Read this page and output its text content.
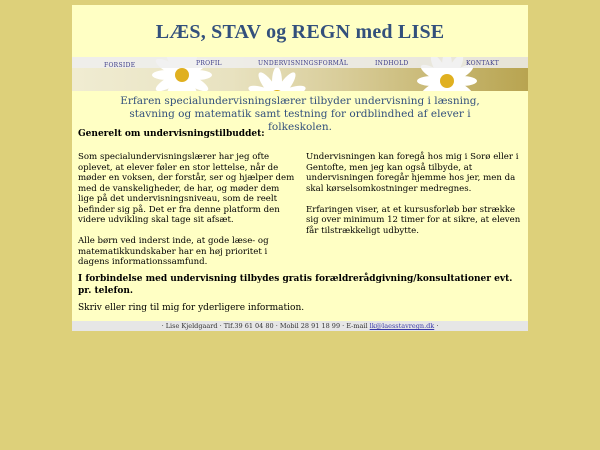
LÆS, STAV og REGN med LISE
FORSIDE	PROFIL	UNDERVISNINGSFORMÅL	INDHOLD	KONTAKT
Erfaren specialundervisningslærer tilbyder undervisning i læsning, stavning og matematik samt testning for ordblindhed af elever i folkeskolen.
Generelt om undervisningstilbuddet:

Som specialundervisningslærer har jeg ofte oplevet, at elever føler en stor lettelse, når de møder en voksen, der forstår, ser og hjælper dem med de vanskeligheder, de har, og møder dem lige på det undervisningsniveau, som de reelt befinder sig på. Det er fra denne platform den videre udvikling skal tage sit afsæt.

Alle børn ved inderst inde, at gode læse- og matematikkundskaber har en høj prioritet i dagens informationssamfund.

Undervisningen kan foregå hos mig i Sorø eller i Gentofte, men jeg kan også tilbyde, at undervisningen foregår hjemme hos jer, men da skal kørselsomkostninger medregnes.

Erfaringen viser, at et kursusforløb bør strække sig over minimum 12 timer for at sikre, at eleven får tilstrækkeligt udbytte.

I forbindelse med undervisning tilbydes gratis forældrerådgivning/konsultationer evt. pr. telefon.
Skriv eller ring til mig for yderligere information.
· Lise Kjeldgaard · Tlf.39 61 04 80 · Mobil 28 91 18 99 · E-mail lk@laesstavregn.dk ·
